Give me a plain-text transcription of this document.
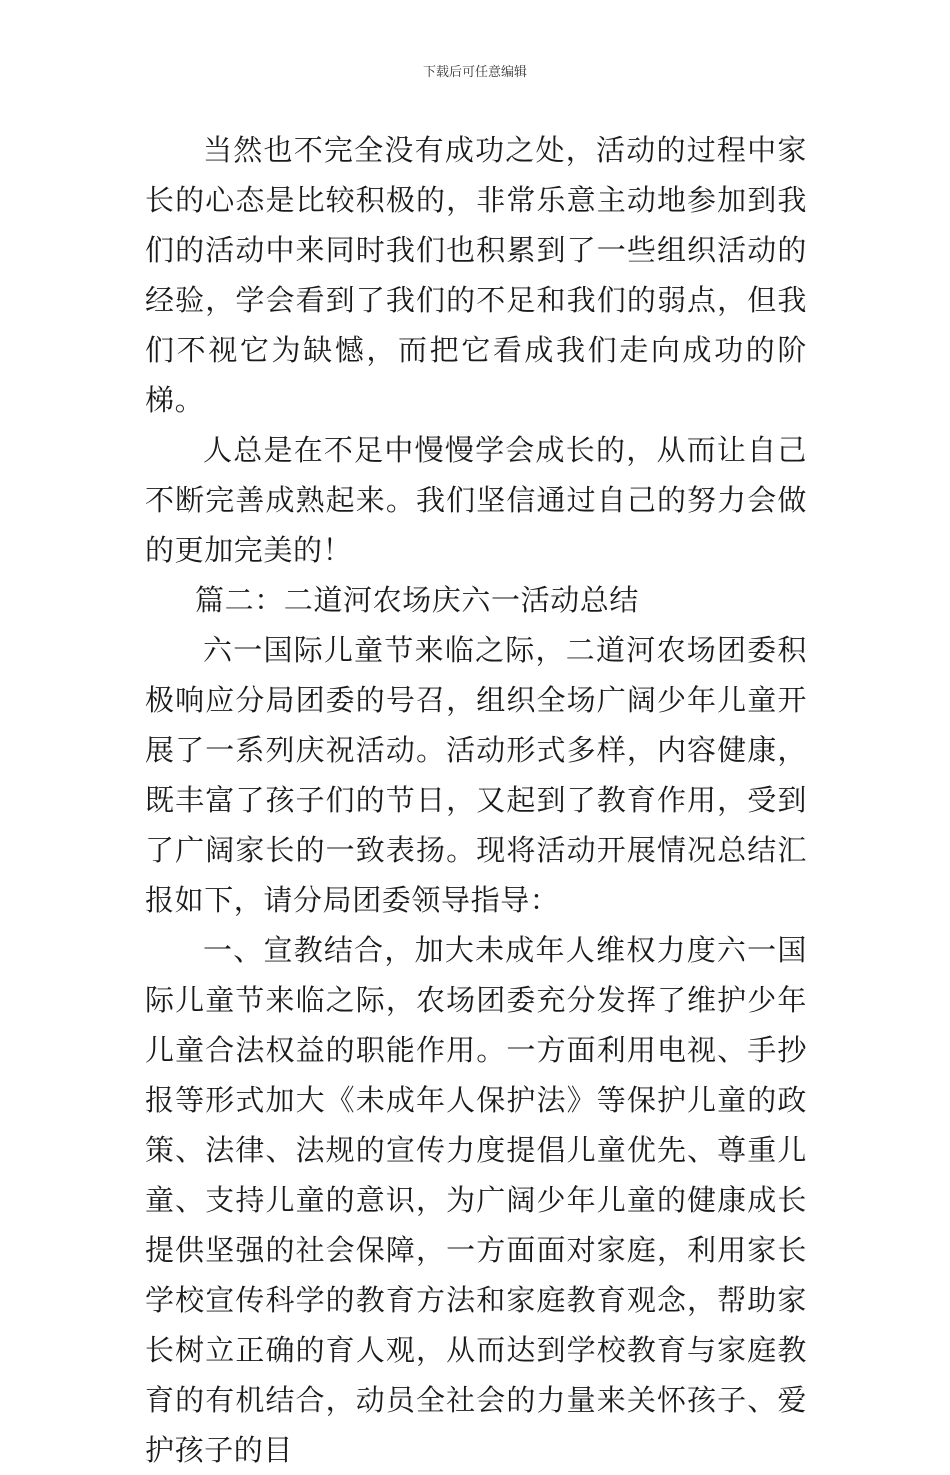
下载后可任意编辑

当然也不完全没有成功之处，活动的过程中家长的心态是比较积极的，非常乐意主动地参加到我们的活动中来同时我们也积累到了一些组织活动的经验，学会看到了我们的不足和我们的弱点，但我们不视它为缺憾，而把它看成我们走向成功的阶梯。

人总是在不足中慢慢学会成长的，从而让自己不断完善成熟起来。我们坚信通过自己的努力会做的更加完美的！

篇二：二道河农场庆六一活动总结

六一国际儿童节来临之际，二道河农场团委积极响应分局团委的号召，组织全场广阔少年儿童开展了一系列庆祝活动。活动形式多样，内容健康，既丰富了孩子们的节日，又起到了教育作用，受到了广阔家长的一致表扬。现将活动开展情况总结汇报如下，请分局团委领导指导：

一、宣教结合，加大未成年人维权力度六一国际儿童节来临之际，农场团委充分发挥了维护少年儿童合法权益的职能作用。一方面利用电视、手抄报等形式加大《未成年人保护法》等保护儿童的政策、法律、法规的宣传力度提倡儿童优先、尊重儿童、支持儿童的意识，为广阔少年儿童的健康成长提供坚强的社会保障，一方面面对家庭，利用家长学校宣传科学的教育方法和家庭教育观念，帮助家长树立正确的育人观，从而达到学校教育与家庭教育的有机结合，动员全社会的力量来关怀孩子、爱护孩子的目
